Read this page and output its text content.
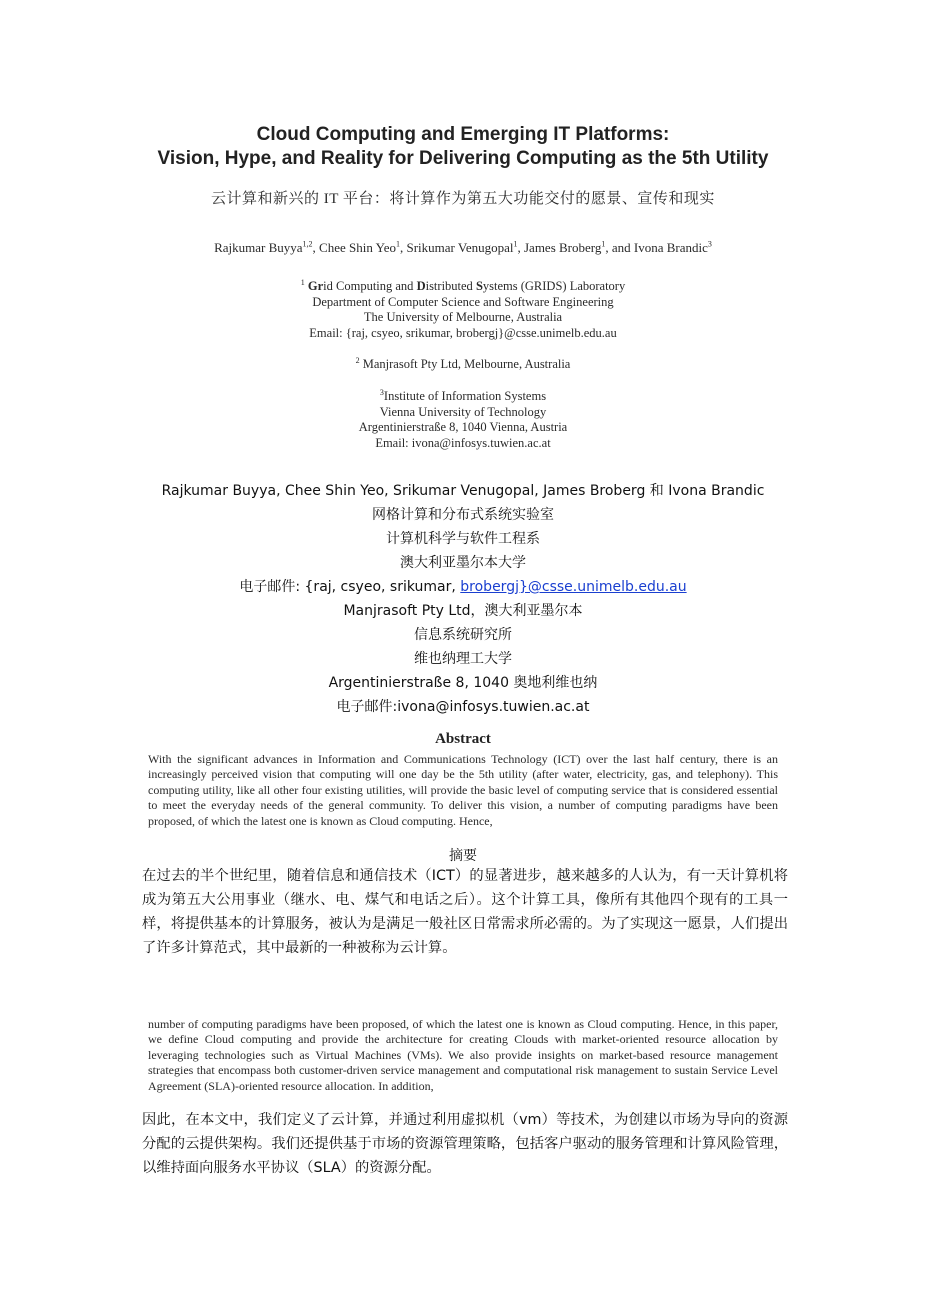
Cloud Computing and Emerging IT Platforms:
Vision, Hype, and Reality for Delivering Computing as the 5th Utility
云计算和新兴的 IT 平台：将计算作为第五大功能交付的愿景、宣传和现实
Rajkumar Buyya$^{1,2}$, Chee Shin Yeo$^1$, Srikumar Venugopal$^1$, James Broberg$^1$, and Ivona Brandic$^3$
$^1$ Grid Computing and Distributed Systems (GRIDS) Laboratory
Department of Computer Science and Software Engineering
The University of Melbourne, Australia
Email: {raj, csyeo, srikumar, brobergj}@csse.unimelb.edu.au
$^2$ Manjrasoft Pty Ltd, Melbourne, Australia
$^3$Institute of Information Systems
Vienna University of Technology
Argentinierstraße 8, 1040 Vienna, Austria
Email: ivona@infosys.tuwien.ac.at
Rajkumar Buyya, Chee Shin Yeo, Srikumar Venugopal, James Broberg 和 Ivona Brandic
网格计算和分布式系统实验室
计算机科学与软件工程系
澳大利亚墨尔本大学
电子邮件: {raj, csyeo, srikumar, brobergj}@csse.unimelb.edu.au
Manjrasoft Pty Ltd，澳大利亚墨尔本
信息系统研究所
维也纳理工大学
Argentinierstraße 8, 1040 奥地利维也纳
电子邮件:ivona@infosys.tuwien.ac.at
Abstract
With the significant advances in Information and Communications Technology (ICT) over the last half century, there is an increasingly perceived vision that computing will one day be the 5th utility (after water, electricity, gas, and telephony). This computing utility, like all other four existing utilities, will provide the basic level of computing service that is considered essential to meet the everyday needs of the general community. To deliver this vision, a number of computing paradigms have been proposed, of which the latest one is known as Cloud computing. Hence,
摘要
在过去的半个世纪里，随着信息和通信技术（ICT）的显著进步，越来越多的人认为，有一天计算机将成为第五大公用事业（继水、电、煤气和电话之后）。这个计算工具，像所有其他四个现有的工具一样，将提供基本的计算服务，被认为是满足一般社区日常需求所必需的。为了实现这一愿景，人们提出了许多计算范式，其中最新的一种被称为云计算。
number of computing paradigms have been proposed, of which the latest one is known as Cloud computing. Hence, in this paper, we define Cloud computing and provide the architecture for creating Clouds with market-oriented resource allocation by leveraging technologies such as Virtual Machines (VMs). We also provide insights on market-based resource management strategies that encompass both customer-driven service management and computational risk management to sustain Service Level Agreement (SLA)-oriented resource allocation. In addition,
因此，在本文中，我们定义了云计算，并通过利用虚拟机（vm）等技术，为创建以市场为导向的资源分配的云提供架构。我们还提供基于市场的资源管理策略，包括客户驱动的服务管理和计算风险管理，以维持面向服务水平协议（SLA）的资源分配。
